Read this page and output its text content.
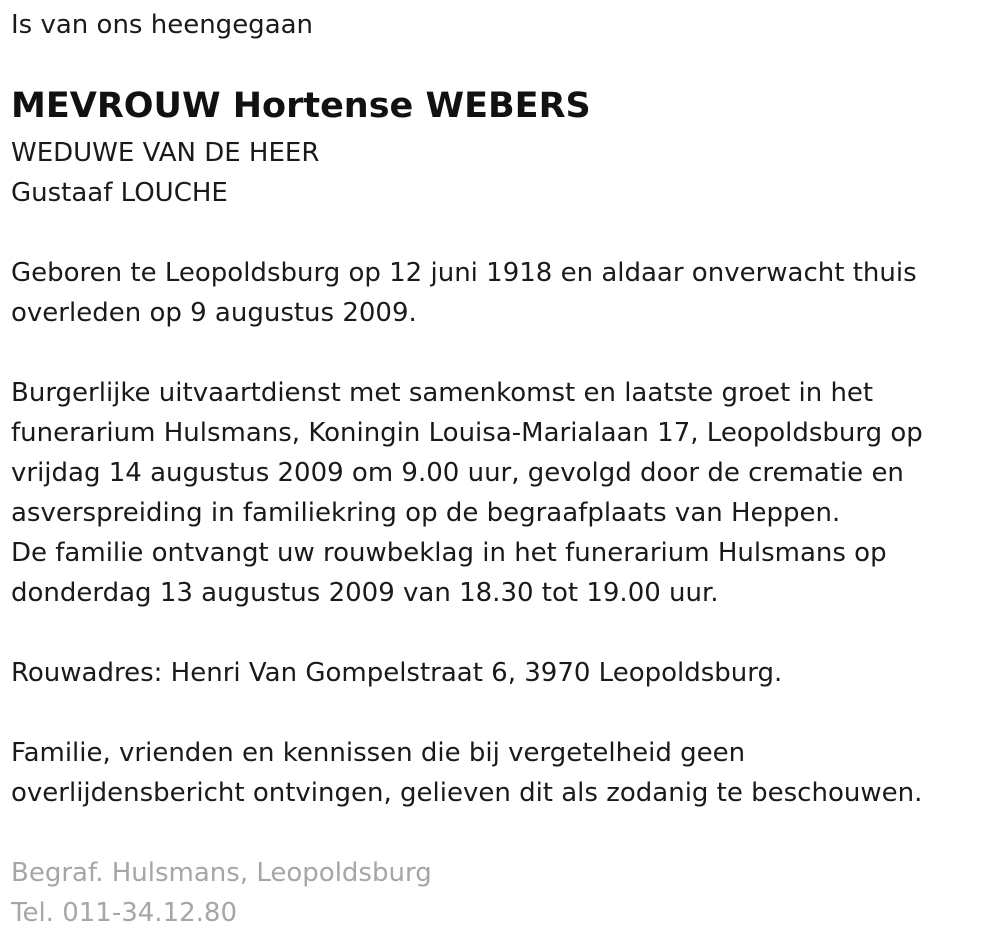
Is van ons heengegaan
MEVROUW Hortense WEBERS
WEDUWE VAN DE HEER
Gustaaf LOUCHE
Geboren te Leopoldsburg op 12 juni 1918 en aldaar onverwacht thuis
overleden op 9 augustus 2009.
Burgerlijke uitvaartdienst met samenkomst en laatste groet in het
funerarium Hulsmans, Koningin Louisa-Marialaan 17, Leopoldsburg op
vrijdag 14 augustus 2009 om 9.00 uur, gevolgd door de crematie en
asverspreiding in familiekring op de begraafplaats van Heppen.
De familie ontvangt uw rouwbeklag in het funerarium Hulsmans op
donderdag 13 augustus 2009 van 18.30 tot 19.00 uur.
Rouwadres: Henri Van Gompelstraat 6, 3970 Leopoldsburg.
Familie, vrienden en kennissen die bij vergetelheid geen
overlijdensbericht ontvingen, gelieven dit als zodanig te beschouwen.
Begraf. Hulsmans, Leopoldsburg
Tel. 011-34.12.80
